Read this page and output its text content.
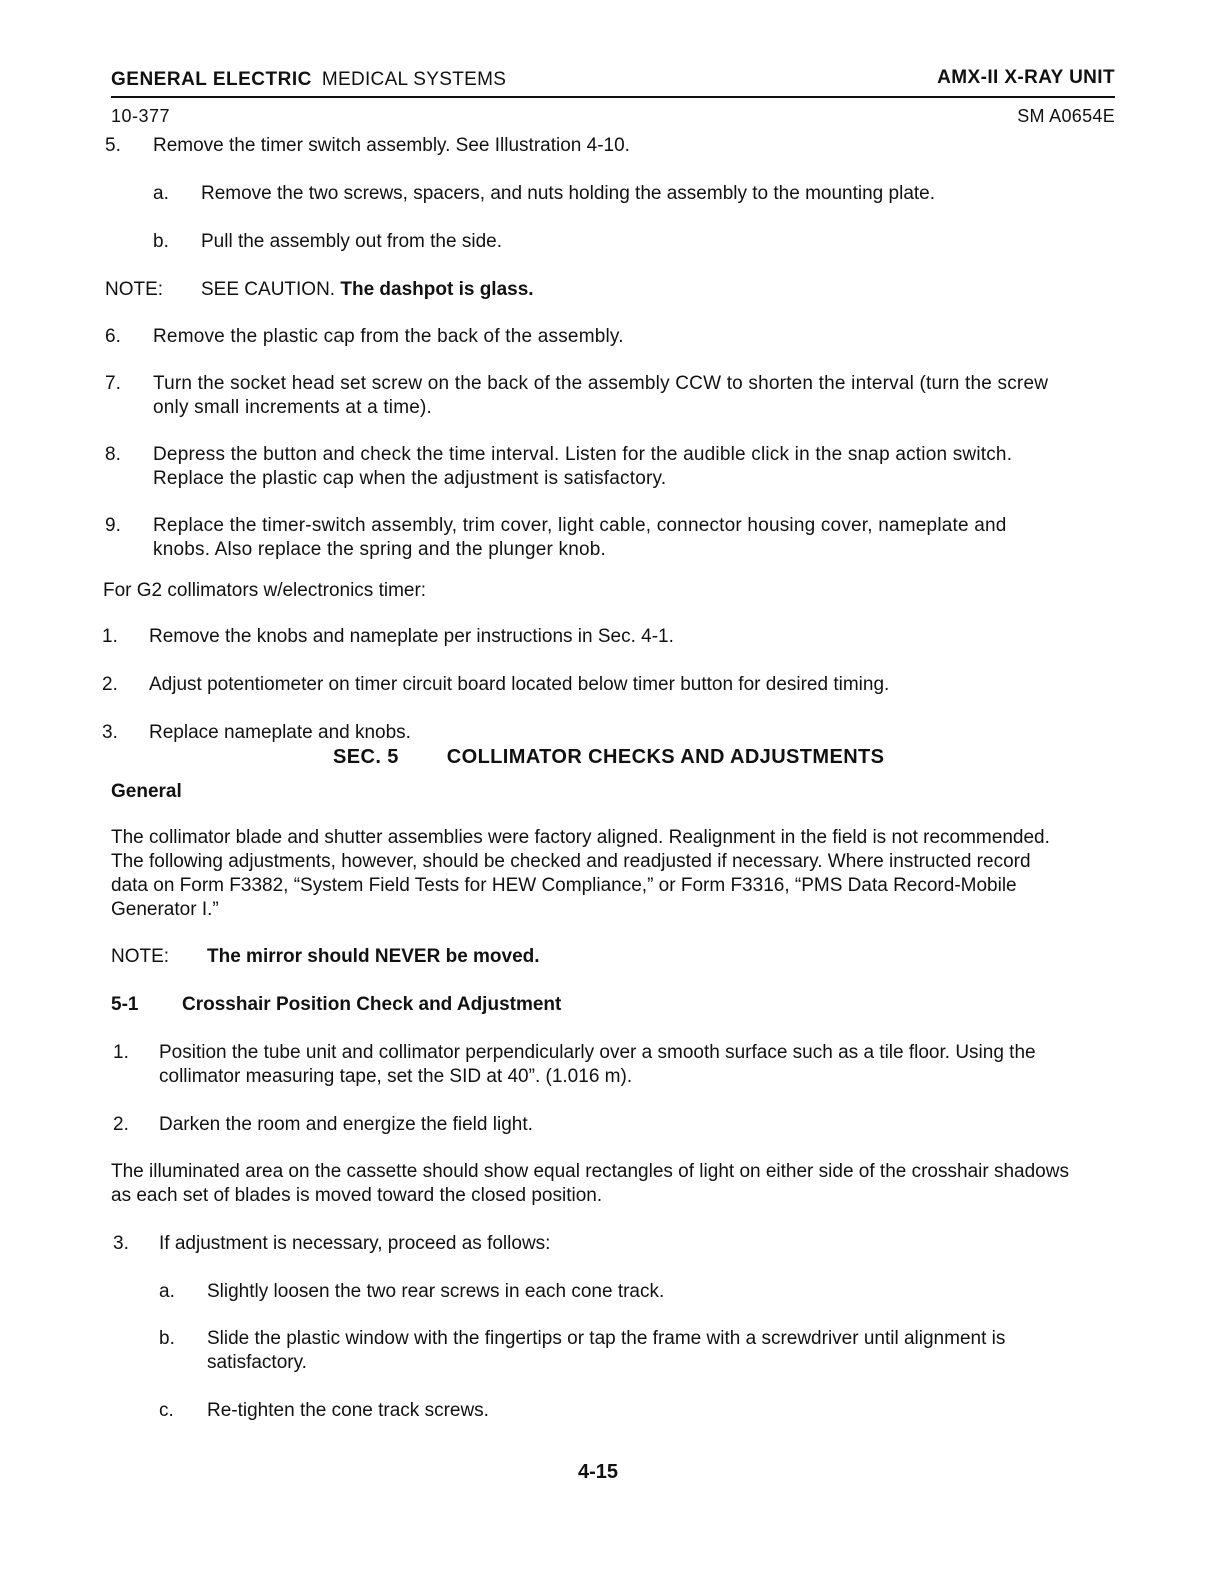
GENERAL ELECTRIC MEDICAL SYSTEMS	AMX-II X-RAY UNIT
10-377	SM A0654E
5. Remove the timer switch assembly. See Illustration 4-10.
a. Remove the two screws, spacers, and nuts holding the assembly to the mounting plate.
b. Pull the assembly out from the side.
NOTE: SEE CAUTION. The dashpot is glass.
6. Remove the plastic cap from the back of the assembly.
7. Turn the socket head set screw on the back of the assembly CCW to shorten the interval (turn the screw only small increments at a time).
8. Depress the button and check the time interval. Listen for the audible click in the snap action switch. Replace the plastic cap when the adjustment is satisfactory.
9. Replace the timer-switch assembly, trim cover, light cable, connector housing cover, nameplate and knobs. Also replace the spring and the plunger knob.
For G2 collimators w/electronics timer:
1. Remove the knobs and nameplate per instructions in Sec. 4-1.
2. Adjust potentiometer on timer circuit board located below timer button for desired timing.
3. Replace nameplate and knobs.
SEC. 5 COLLIMATOR CHECKS AND ADJUSTMENTS
General
The collimator blade and shutter assemblies were factory aligned. Realignment in the field is not recommended. The following adjustments, however, should be checked and readjusted if necessary. Where instructed record data on Form F3382, “System Field Tests for HEW Compliance,” or Form F3316, “PMS Data Record-Mobile Generator I.”
NOTE: The mirror should NEVER be moved.
5-1 Crosshair Position Check and Adjustment
1. Position the tube unit and collimator perpendicularly over a smooth surface such as a tile floor. Using the collimator measuring tape, set the SID at 40”. (1.016 m).
2. Darken the room and energize the field light.
The illuminated area on the cassette should show equal rectangles of light on either side of the crosshair shadows as each set of blades is moved toward the closed position.
3. If adjustment is necessary, proceed as follows:
a. Slightly loosen the two rear screws in each cone track.
b. Slide the plastic window with the fingertips or tap the frame with a screwdriver until alignment is satisfactory.
c. Re-tighten the cone track screws.
4-15
